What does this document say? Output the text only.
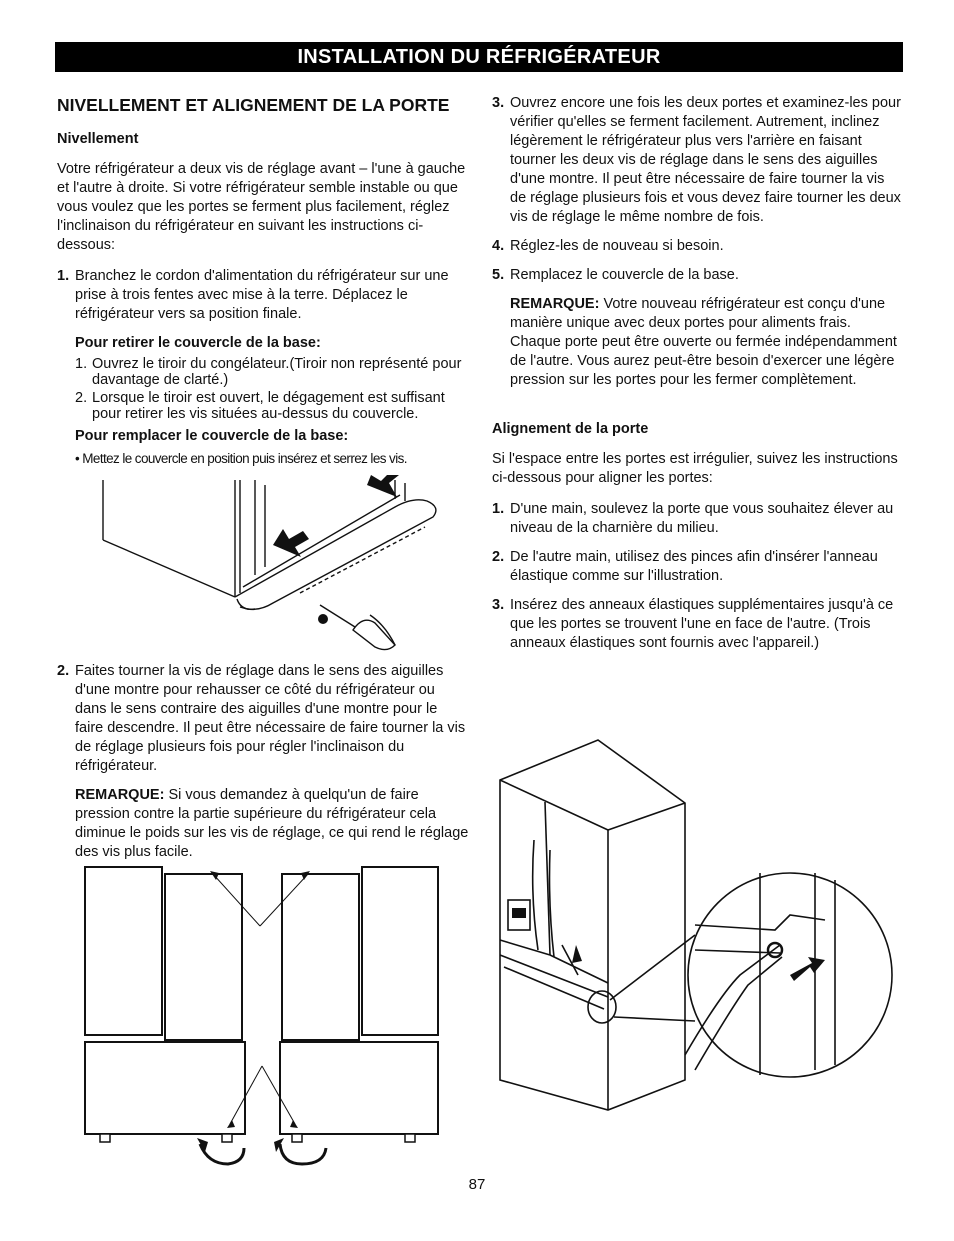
INSTALLATION DU RÉFRIGÉRATEUR
NIVELLEMENT ET ALIGNEMENT DE LA PORTE
Nivellement

Votre réfrigérateur a deux vis de réglage avant – l'une à gauche et l'autre à droite. Si votre réfrigérateur semble instable ou que vous voulez que les portes se ferment plus facilement, réglez l'inclinaison du réfrigérateur en suivant les instructions ci-dessous:

1. Branchez le cordon d'alimentation du réfrigérateur sur une prise à trois fentes avec mise à la terre. Déplacez le réfrigérateur vers sa position finale.
Pour retirer le couvercle de la base:
1. Ouvrez le tiroir du congélateur.(Tiroir non représenté pour davantage de clarté.)
2. Lorsque le tiroir est ouvert, le dégagement est suffisant pour retirer les vis situées au-dessus du couvercle.
Pour remplacer le couvercle de la base:
• Mettez le couvercle en position puis insérez et serrez les vis.
2. Faites tourner la vis de réglage dans le sens des aiguilles d'une montre pour rehausser ce côté du réfrigérateur ou dans le sens contraire des aiguilles d'une montre pour le faire descendre. Il peut être nécessaire de faire tourner la vis de réglage plusieurs fois pour régler l'inclinaison du réfrigérateur.
REMARQUE: Si vous demandez à quelqu'un de faire pression contre la partie supérieure du réfrigérateur cela diminue le poids sur les vis de réglage, ce qui rend le réglage des vis plus facile.
3. Ouvrez encore une fois les deux portes et examinez-les pour vérifier qu'elles se ferment facilement. Autrement, inclinez légèrement le réfrigérateur plus vers l'arrière en faisant tourner les deux vis de réglage dans le sens des aiguilles d'une montre. Il peut être nécessaire de faire tourner la vis de réglage plusieurs fois et vous devez faire tourner les deux vis de réglage le même nombre de fois.
4. Réglez-les de nouveau si besoin.
5. Remplacez le couvercle de la base.
REMARQUE: Votre nouveau réfrigérateur est conçu d'une manière unique avec deux portes pour aliments frais. Chaque porte peut être ouverte ou fermée indépendamment de l'autre. Vous aurez peut-être besoin d'exercer une légère pression sur les portes pour les fermer complètement.
Alignement de la porte

Si l'espace entre les portes est irrégulier, suivez les instructions ci-dessous pour aligner les portes:

1. D'une main, soulevez la porte que vous souhaitez élever au niveau de la charnière du milieu.
2. De l'autre main, utilisez des pinces afin d'insérer l'anneau élastique comme sur l'illustration.
3. Insérez des anneaux élastiques supplémentaires jusqu'à ce que les portes se trouvent l'une en face de l'autre. (Trois anneaux élastiques sont fournis avec l'appareil.)
87
